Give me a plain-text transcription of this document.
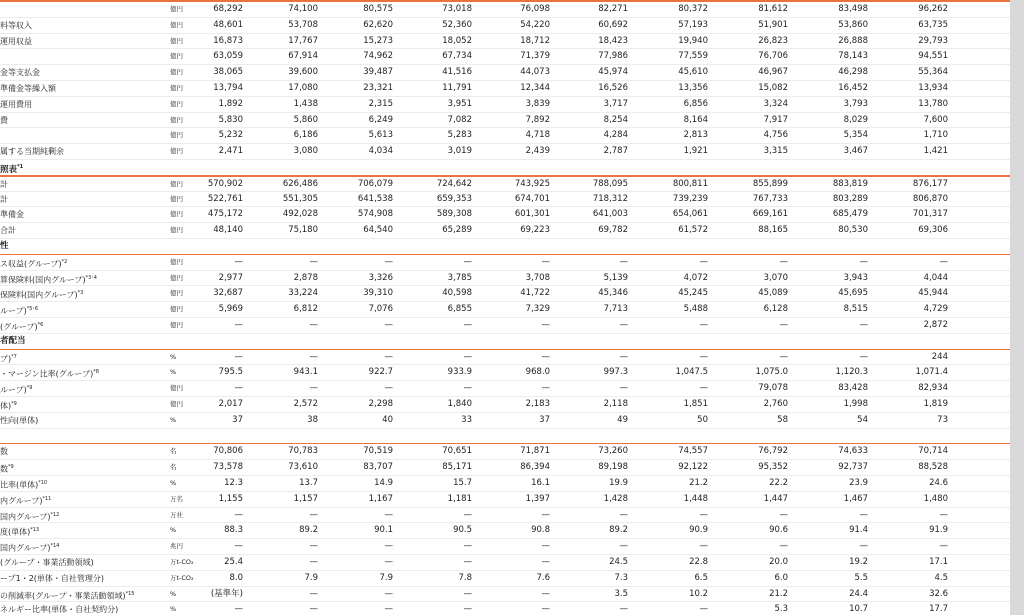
億円	68,292	74,100	80,575	73,018	76,098	82,271	80,372	81,612	83,498	96,262
料等収入	億円	48,601	53,708	62,620	52,360	54,220	60,692	57,193	51,901	53,860	63,735
運用収益	億円	16,873	17,767	15,273	18,052	18,712	18,423	19,940	26,823	26,888	29,793
億円	63,059	67,914	74,962	67,734	71,379	77,986	77,559	76,706	78,143	94,551
金等支払金	億円	38,065	39,600	39,487	41,516	44,073	45,974	45,610	46,967	46,298	55,364
準備金等繰入額	億円	13,794	17,080	23,321	11,791	12,344	16,526	13,356	15,082	16,452	13,934
運用費用	億円	1,892	1,438	2,315	3,951	3,839	3,717	6,856	3,324	3,793	13,780
費	億円	5,830	5,860	6,249	7,082	7,892	8,254	8,164	7,917	8,029	7,600
億円	5,232	6,186	5,613	5,283	4,718	4,284	2,813	4,756	5,354	1,710
属する当期純剰余	億円	2,471	3,080	4,034	3,019	2,439	2,787	1,921	3,315	3,467	1,421
照表$^{*1}$
計	億円	570,902	626,486	706,079	724,642	743,925	788,095	800,811	855,899	883,819	876,177
計	億円	522,761	551,305	641,538	659,353	674,701	718,312	739,239	767,733	803,289	806,870
準備金	億円	475,172	492,028	574,908	589,308	601,301	641,003	654,061	669,161	685,479	701,317
合計	億円	48,140	75,180	64,540	65,289	69,223	69,782	61,572	88,165	80,530	69,306
性
ス収益(グループ)$^{*2}$	億円	—	—	—	—	—	—	—	—	—	—
算保険料(国内グループ)$^{*3･4}$	億円	2,977	2,878	3,326	3,785	3,708	5,139	4,072	3,070	3,943	4,044
保険料(国内グループ)$^{*3}$	億円	32,687	33,224	39,310	40,598	41,722	45,346	45,245	45,089	45,695	45,944
ループ)$^{*5･6}$	億円	5,969	6,812	7,076	6,855	7,329	7,713	5,488	6,128	8,515	4,729
(グループ)$^{*6}$	億円	—	—	—	—	—	—	—	—	—	2,872
者配当
プ)$^{*7}$	%	—	—	—	—	—	—	—	—	—	244
・マージン比率(グループ)$^{*8}$	%	795.5	943.1	922.7	933.9	968.0	997.3	1,047.5	1,075.0	1,120.3	1,071.4
ループ)$^{*9}$	億円	—	—	—	—	—	—	—	79,078	83,428	82,934
体)$^{*9}$	億円	2,017	2,572	2,298	1,840	2,183	2,118	1,851	2,760	1,998	1,819
性向(単体)	%	37	38	40	33	37	49	50	58	54	73
数	名	70,806	70,783	70,519	70,651	71,871	73,260	74,557	76,792	74,633	70,714
数$^{*9}$	名	73,578	73,610	83,707	85,171	86,394	89,198	92,122	95,352	92,737	88,528
比率(単体)$^{*10}$	%	12.3	13.7	14.9	15.7	16.1	19.9	21.2	22.2	23.9	24.6
内グループ)$^{*11}$	万名	1,155	1,157	1,167	1,181	1,397	1,428	1,448	1,447	1,467	1,480
国内グループ)$^{*12}$	万社	—	—	—	—	—	—	—	—	—	—
度(単体)$^{*13}$	%	88.3	89.2	90.1	90.5	90.8	89.2	90.9	90.6	91.4	91.9
国内グループ)$^{*14}$	兆円	—	—	—	—	—	—	—	—	—	—
(グループ・事業活動領域)	万t-CO₂	25.4	—	—	—	—	24.5	22.8	20.0	19.2	17.1
ープ1・2(単体・自社管理分)	万t-CO₂	8.0	7.9	7.9	7.8	7.6	7.3	6.5	6.0	5.5	4.5
の削減率(グループ・事業活動領域)$^{*15}$	%	(基準年)	—	—	—	—	3.5	10.2	21.2	24.4	32.6
ネルギー比率(単体・自社契約分)	%	—	—	—	—	—	—	—	5.3	10.7	17.7
